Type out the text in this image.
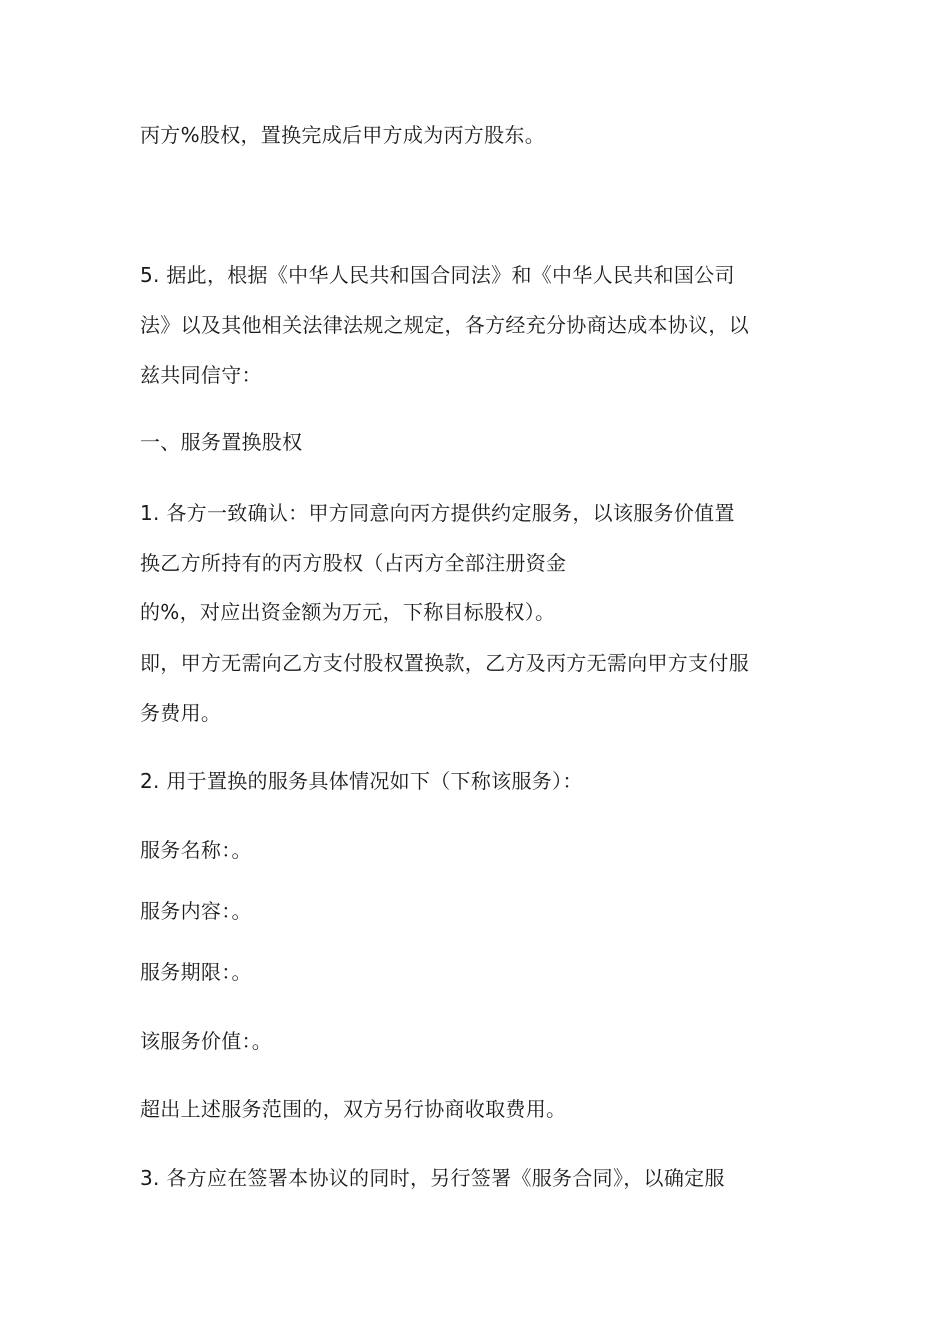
丙方%股权，置换完成后甲方成为丙方股东。
5. 据此，根据《中华人民共和国合同法》和《中华人民共和国公司
法》以及其他相关法律法规之规定，各方经充分协商达成本协议，以
兹共同信守：
一、服务置换股权
1. 各方一致确认：甲方同意向丙方提供约定服务，以该服务价值置
换乙方所持有的丙方股权（占丙方全部注册资金
的%，对应出资金额为万元，下称目标股权）。
即，甲方无需向乙方支付股权置换款，乙方及丙方无需向甲方支付服
务费用。
2. 用于置换的服务具体情况如下（下称该服务）：
服务名称：。
服务内容：。
服务期限：。
该服务价值：。
超出上述服务范围的，双方另行协商收取费用。
3. 各方应在签署本协议的同时，另行签署《服务合同》，以确定服
